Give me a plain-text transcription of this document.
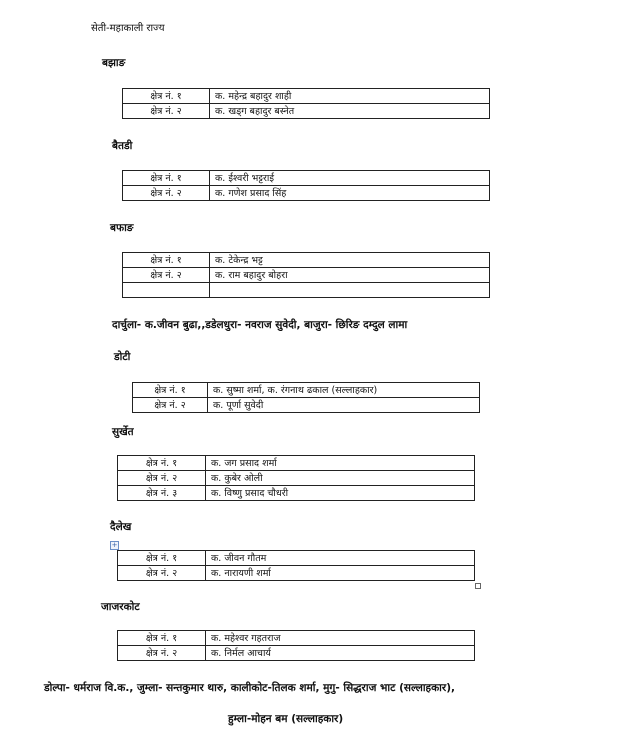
सेती-महाकाली राज्य
बझाङ
क्षेत्र नं. १	क. महेन्द्र बहादुर शाही
क्षेत्र नं. २	क. खड्ग बहादुर बस्नेत
बैतडी
क्षेत्र नं. १	क. ईश्वरी भट्टराई
क्षेत्र नं. २	क. गणेश प्रसाद सिंह
बफाङ
क्षेत्र नं. १	क. टेकेन्द्र भट्ट
क्षेत्र नं. २	क. राम बहादुर बोहरा

दार्चुला- क.जीवन बुढा,,डडेलधुरा- नवराज सुवेदी, बाजुरा- छिरिङ दम्दुल लामा
डोटी
क्षेत्र नं. १	क. सुष्मा शर्मा, क. रंगनाथ ढकाल (सल्लाहकार)
क्षेत्र नं. २	क. पूर्णा सुवेदी
सुर्खेत
क्षेत्र नं. १	क. जग प्रसाद शर्मा
क्षेत्र नं. २	क. कुबेर ओली
क्षेत्र नं. ३	क. विष्णु प्रसाद चौधरी
दैलेख
+
क्षेत्र नं. १	क. जीवन गौतम
क्षेत्र नं. २	क. नारायणी शर्मा
जाजरकोट
क्षेत्र नं. १	क. महेश्वर गहतराज
क्षेत्र नं. २	क. निर्मल आचार्य
डोल्पा- धर्मराज वि.क., जुम्ला- सन्तकुमार थारु, कालीकोट-तिलक शर्मा, मुगु- सिद्धराज भाट (सल्लाहकार),
हुम्ला-मोहन बम (सल्लाहकार)
